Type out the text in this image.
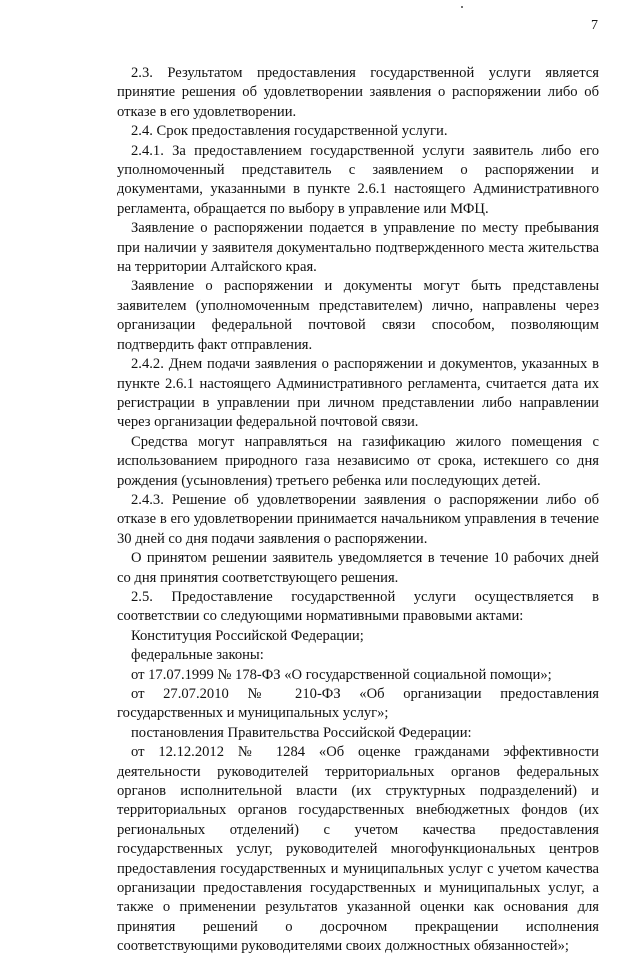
7

2.3. Результатом предоставления государственной услуги является принятие решения об удовлетворении заявления о распоряжении либо об отказе в его удовлетворении.

2.4. Срок предоставления государственной услуги.

2.4.1. За предоставлением государственной услуги заявитель либо его уполномоченный представитель с заявлением о распоряжении и документами, указанными в пункте 2.6.1 настоящего Административного регламента, обращается по выбору в управление или МФЦ.

Заявление о распоряжении подается в управление по месту пребывания при наличии у заявителя документально подтвержденного места жительства на территории Алтайского края.

Заявление о распоряжении и документы могут быть представлены заявителем (уполномоченным представителем) лично, направлены через организации федеральной почтовой связи способом, позволяющим подтвердить факт отправления.

2.4.2. Днем подачи заявления о распоряжении и документов, указанных в пункте 2.6.1 настоящего Административного регламента, считается дата их регистрации в управлении при личном представлении либо направлении через организации федеральной почтовой связи.

Средства могут направляться на газификацию жилого помещения с использованием природного газа независимо от срока, истекшего со дня рождения (усыновления) третьего ребенка или последующих детей.

2.4.3. Решение об удовлетворении заявления о распоряжении либо об отказе в его удовлетворении принимается начальником управления в течение 30 дней со дня подачи заявления о распоряжении.

О принятом решении заявитель уведомляется в течение 10 рабочих дней со дня принятия соответствующего решения.

2.5. Предоставление государственной услуги осуществляется в соответствии со следующими нормативными правовыми актами:

Конституция Российской Федерации;

федеральные законы:

от 17.07.1999 № 178-ФЗ «О государственной социальной помощи»;

от 27.07.2010 № 210-ФЗ «Об организации предоставления государственных и муниципальных услуг»;

постановления Правительства Российской Федерации:

от 12.12.2012 № 1284 «Об оценке гражданами эффективности деятельности руководителей территориальных органов федеральных органов исполнительной власти (их структурных подразделений) и территориальных органов государственных внебюджетных фондов (их региональных отделений) с учетом качества предоставления государственных услуг, руководителей многофункциональных центров предоставления государственных и муниципальных услуг с учетом качества организации предоставления государственных и муниципальных услуг, а также о применении результатов указанной оценки как основания для принятия решений о досрочном прекращении исполнения соответствующими руководителями своих должностных обязанностей»;
